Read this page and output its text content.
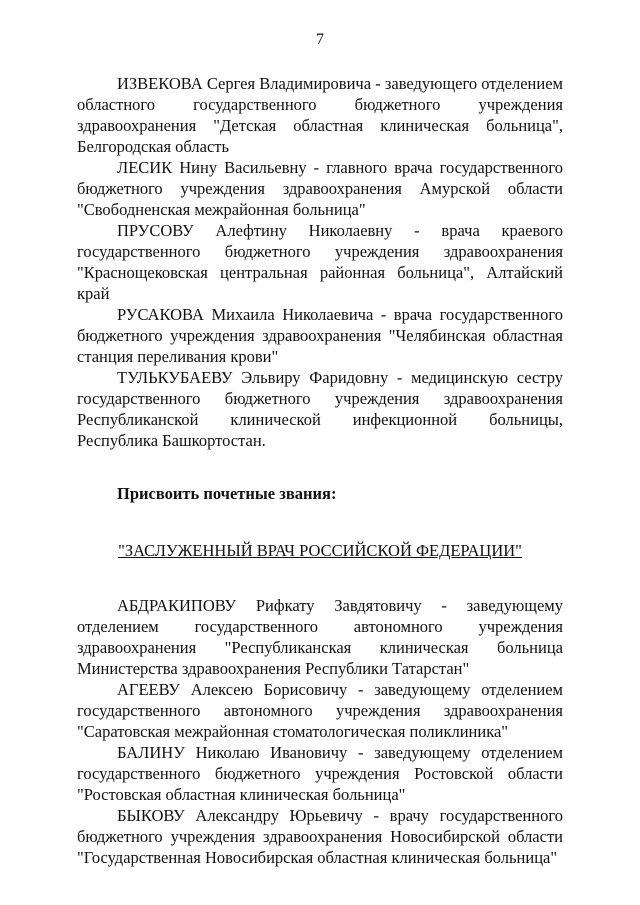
7

ИЗВЕКОВА Сергея Владимировича - заведующего отделением областного государственного бюджетного учреждения здравоохранения "Детская областная клиническая больница", Белгородская область

ЛЕСИК Нину Васильевну - главного врача государственного бюджетного учреждения здравоохранения Амурской области "Свободненская межрайонная больница"

ПРУСОВУ Алефтину Николаевну - врача краевого государственного бюджетного учреждения здравоохранения "Краснощековская центральная районная больница", Алтайский край

РУСАКОВА Михаила Николаевича - врача государственного бюджетного учреждения здравоохранения "Челябинская областная станция переливания крови"

ТУЛЬКУБАЕВУ Эльвиру Фаридовну - медицинскую сестру государственного бюджетного учреждения здравоохранения Республиканской клинической инфекционной больницы, Республика Башкортостан.

Присвоить почетные звания:

"ЗАСЛУЖЕННЫЙ ВРАЧ РОССИЙСКОЙ ФЕДЕРАЦИИ"

АБДРАКИПОВУ Рифкату Завдятовичу - заведующему отделением государственного автономного учреждения здравоохранения "Республиканская клиническая больница Министерства здравоохранения Республики Татарстан"

АГЕЕВУ Алексею Борисовичу - заведующему отделением государственного автономного учреждения здравоохранения "Саратовская межрайонная стоматологическая поликлиника"

БАЛИНУ Николаю Ивановичу - заведующему отделением государственного бюджетного учреждения Ростовской области "Ростовская областная клиническая больница"

БЫКОВУ Александру Юрьевичу - врачу государственного бюджетного учреждения здравоохранения Новосибирской области "Государственная Новосибирская областная клиническая больница"
